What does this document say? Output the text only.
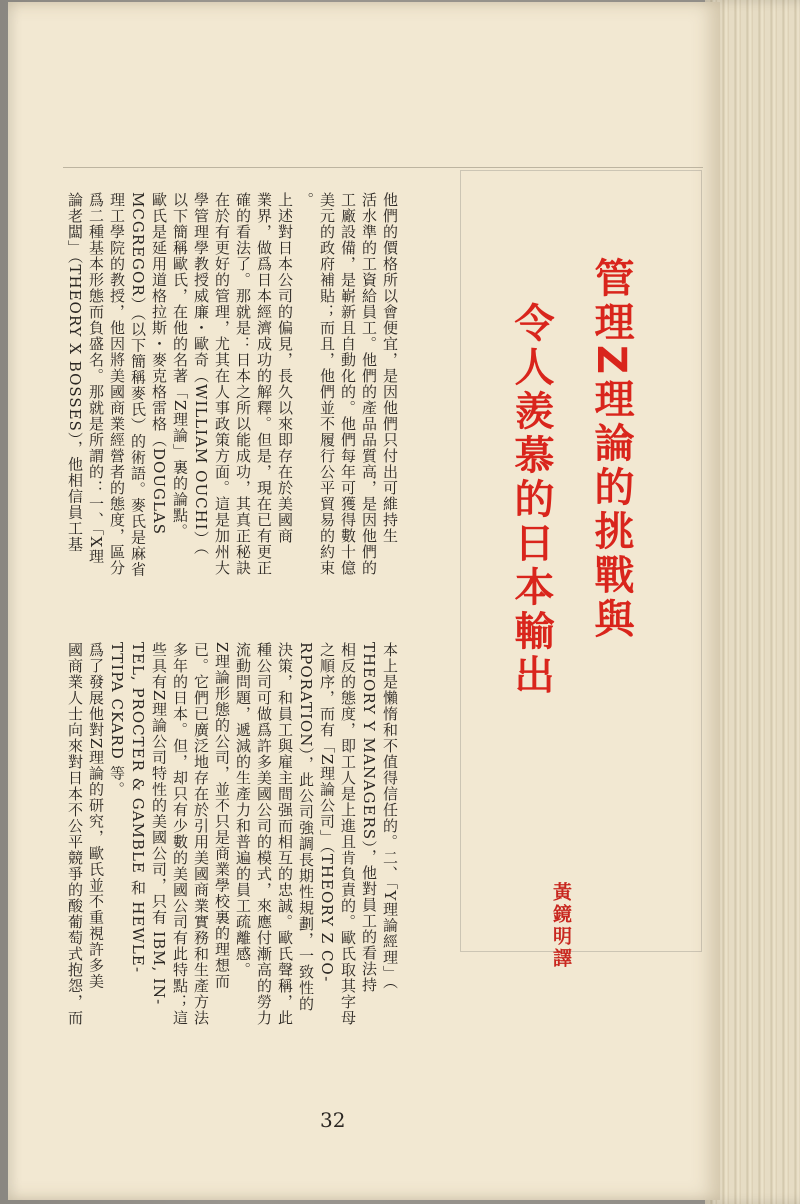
管理Z理論的挑戰與
令人羨慕的日本輸出
黃鏡明譯
他們的價格所以會便宜，是因他們只付出可維持生
活水準的工資給員工。他們的產品品質高，是因他們的
工廠設備，是嶄新且自動化的。他們每年可獲得數十億
美元的政府補貼；而且，他們並不履行公平貿易的約束
。
上述對日本公司的偏見，長久以來即存在於美國商
業界，做爲日本經濟成功的解釋。但是，現在已有更正
確的看法了。那就是：日本之所以能成功，其真正秘訣
在於有更好的管理，尤其在人事政策方面。這是加州大
學管理學教授威廉・歐奇（WILLIAM OUCHI）（
以下簡稱歐氏，在他的名著「Z理論」裏的論點。
歐氏是延用道格拉斯・麥克格雷格（DOUGLAS
MCGREGOR）（以下簡稱麥氏）的術語。麥氏是麻省
理工學院的教授，他因將美國商業經營者的態度，區分
爲二種基本形態而負盛名。那就是所謂的：一、「X理
論老闆」（THEORY X BOSSES），他相信員工基
本上是懶惰和不值得信任的。二、「Y理論經理」（
THEORY Y MANAGERS），他對員工的看法持
相反的態度，即工人是上進且肯負責的。歐氏取其字母
之順序，而有「Z理論公司」（THEORY Z CO-
RPORATION），此公司強調長期性規劃，一致性的
決策，和員工與雇主間强而相互的忠誠。歐氏聲稱，此
種公司可做爲許多美國公司的模式，來應付漸高的勞力
流動問題，遞減的生產力和普遍的員工疏離感。
Z理論形態的公司，並不只是商業學校裏的理想而
已。它們已廣泛地存在於引用美國商業實務和生產方法
多年的日本。但，却只有少數的美國公司有此特點；這
些具有Z理論公司特性的美國公司，只有 IBM, IN-
TEL, PROCTER & GAMBLE 和 HEWLE-
TTIPA CKARD 等。
爲了發展他對Z理論的研究，歐氏並不重視許多美
國商業人士向來對日本不公平競爭的酸葡萄式抱怨，而
32
